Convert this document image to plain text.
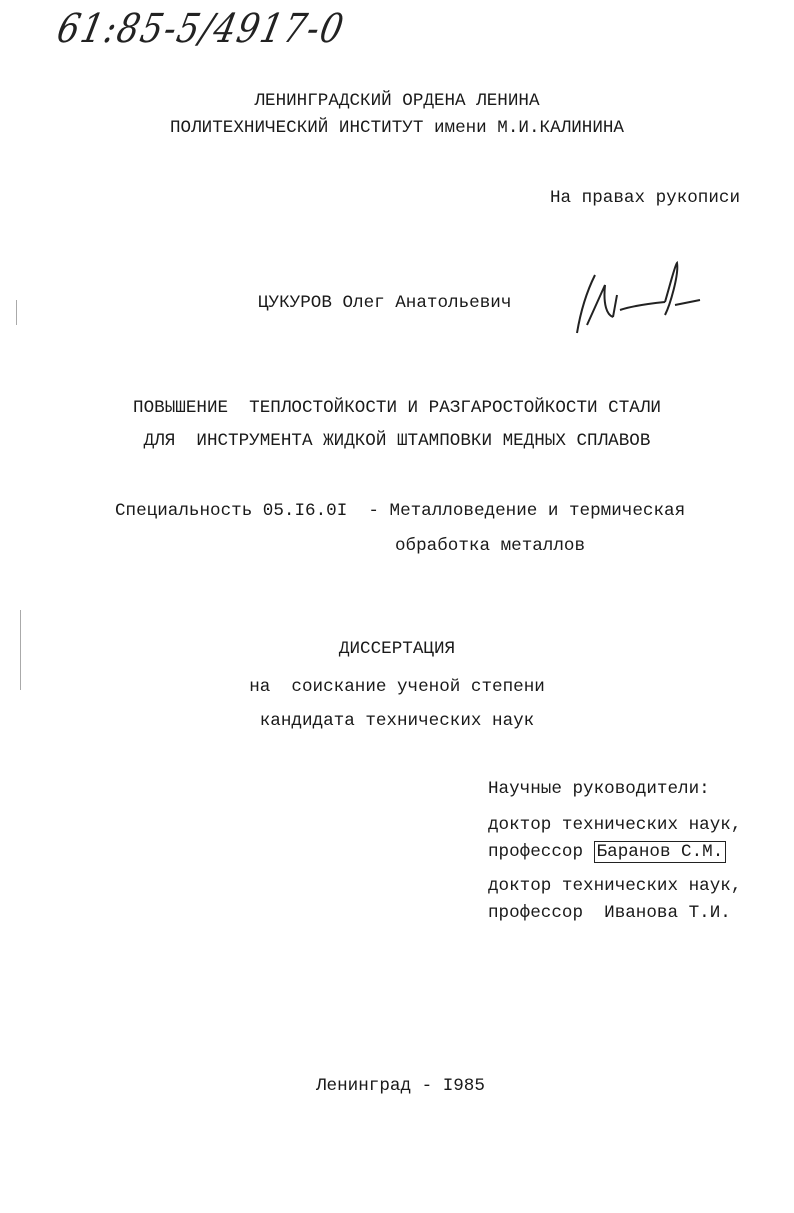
61:85-5/4917-0
ЛЕНИНГРАДСКИЙ ОРДЕНА ЛЕНИНА
ПОЛИТЕХНИЧЕСКИЙ ИНСТИТУТ имени М.И.КАЛИНИНА
На правах рукописи
ЦУКУРОВ Олег Анатольевич
ПОВЫШЕНИЕ  ТЕПЛОСТОЙКОСТИ И РАЗГАРОСТОЙКОСТИ СТАЛИ
ДЛЯ  ИНСТРУМЕНТА ЖИДКОЙ ШТАМПОВКИ МЕДНЫХ СПЛАВОВ
Специальность 05.I6.0I  - Металловедение и термическая
обработка металлов
ДИССЕРТАЦИЯ
на  соискание ученой степени
кандидата технических наук
Научные руководители:
доктор технических наук,
профессор Баранов С.М.
доктор технических наук,
профессор  Иванова Т.И.
Ленинград - I985
